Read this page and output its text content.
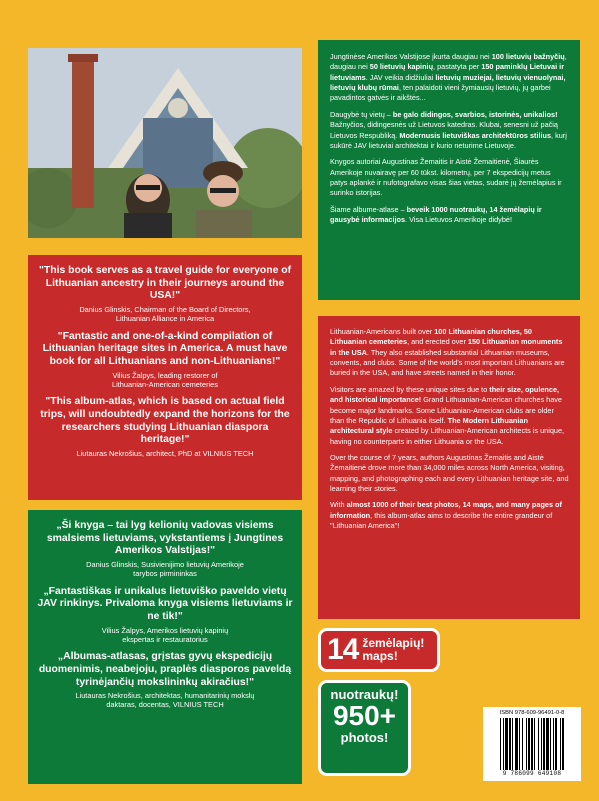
Jungtinėse Amerikos Valstijose įkurta daugiau nei 100 lietuvių bažnyčių, daugiau nei 50 lietuvių kapinių, pastatyta per 150 paminklų Lietuvai ir lietuviams. JAV veikia didžiuliai lietuvių muziejai, lietuvių vienuolynai, lietuvių klubų rūmai, ten palaidoti vieni žymiausių lietuvių, jų garbei pavadintos gatvės ir aikštės...

Daugybė tų vietų – be galo didingos, svarbios, istorinės, unikalios! Bažnyčios, didingesnės už Lietuvos katedras. Klubai, senesni už pačią Lietuvos Respubliką. Modernusis lietuviškas architektūros stilius, kurį sukūrė JAV lietuviai architektai ir kurio neturime Lietuvoje.

Knygos autoriai Augustinas Žemaitis ir Aistė Žemaitienė, Šiaurės Amerikoje nuvairavę per 60 tūkst. kilometrų, per 7 ekspedicijų metus patys aplankė ir nufotografavo visas šias vietas, sudarė jų žemėlapius ir surinko istorijas.

Šiame albume-atlase – beveik 1000 nuotraukų, 14 žemėlapių ir gausybė informacijos. Visa Lietuvos Amerikoje didybė!

"This book serves as a travel guide for everyone of Lithuanian ancestry in their journeys around the USA!"
Danius Glinskis, Chairman of the Board of Directors,
Lithuanian Alliance in America
"Fantastic and one-of-a-kind compilation of Lithuanian heritage sites in America. A must have book for all Lithuanians and non-Lithuanians!"
Vilius Žalpys, leading restorer of
Lithuanian-American cemeteries
"This album-atlas, which is based on actual field trips, will undoubtedly expand the horizons for the researchers studying Lithuanian diaspora heritage!"
Liutauras Nekrošius, architect, PhD at VILNIUS TECH

Lithuanian-Americans built over 100 Lithuanian churches, 50 Lithuanian cemeteries, and erected over 150 Lithuanian monuments in the USA. They also established substantial Lithuanian museums, convents, and clubs. Some of the world's most important Lithuanians are buried in the USA, and have streets named in their honor.

Visitors are amazed by these unique sites due to their size, opulence, and historical importance! Grand Lithuanian-American churches have become major landmarks. Some Lithuanian-American clubs are older than the Republic of Lithuania itself. The Modern Lithuanian architectural style created by Lithuanian-American architects is unique, having no counterparts in either Lithuania or the USA.

Over the course of 7 years, authors Augustinas Žemaitis and Aistė Žemaitienė drove more than 34,000 miles across North America, visiting, mapping, and photographing each and every Lithuanian heritage site, and learning their stories.

With almost 1000 of their best photos, 14 maps, and many pages of information, this album-atlas aims to describe the entire grandeur of "Lithuanian America"!

„Ši knyga – tai lyg kelionių vadovas visiems smalsiems lietuviams, vykstantiems į Jungtines Amerikos Valstijas!"
Danius Glinskis, Susivienijimo lietuvių Amerikoje
tarybos pirmininkas
„Fantastiškas ir unikalus lietuviško paveldo vietų JAV rinkinys. Privaloma knyga visiems lietuviams ir ne tik!"
Vilius Žalpys, Amerikos lietuvių kapinių
ekspertas ir restauratorius
„Albumas-atlasas, grįstas gyvų ekspedicijų duomenimis, neabejoju, praplės diasporos paveldą tyrinėjančių mokslininkų akiračius!"
Liutauras Nekrošius, architektas, humanitarinių mokslų
daktaras, docentas, VILNIUS TECH
14 žemėlapių!
maps!
nuotraukų!
950+
photos!
ISBN 978-609-96491-0-8
9 786099 649108
